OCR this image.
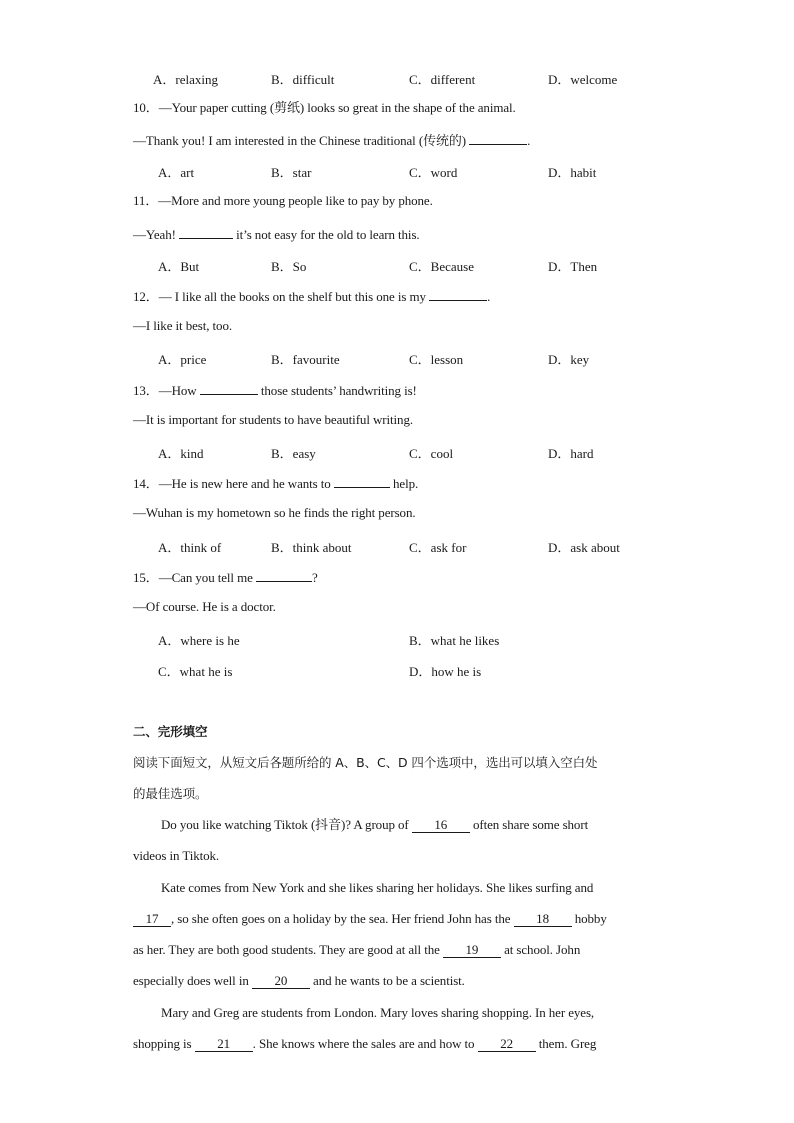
A．relaxing	B．difficult	C．different	D．welcome
10．—Your paper cutting (剪纸) looks so great in the shape of the animal.
—Thank you! I am interested in the Chinese traditional (传统的)	.
A．art	B．star	C．word	D．habit
11．—More and more young people like to pay by phone.
—Yeah!	it’s not easy for the old to learn this.
A．But	B．So	C．Because	D．Then
12．— I like all the books on the shelf but this one is my	.
—I like it best, too.
A．price	B．favourite	C．lesson	D．key
13．—How	those students’ handwriting is!
—It is important for students to have beautiful writing.
A．kind	B．easy	C．cool	D．hard
14．—He is new here and he wants to	help.
—Wuhan is my hometown so he finds the right person.
A．think of	B．think about	C．ask for	D．ask about
15．—Can you tell me	?
—Of course. He is a doctor.
A．where is he	B．what he likes
C．what he is	D．how he is
二、完形填空
阅读下面短文，从短文后各题所给的 A、B、C、D 四个选项中，选出可以填入空白处
的最佳选项。
Do you like watching Tiktok (抖音)? A group of 16 often share some short
videos in Tiktok.
Kate comes from New York and she likes sharing her holidays. She likes surfing and
17 , so she often goes on a holiday by the sea. Her friend John has the 18 hobby
as her. They are both good students. They are good at all the 19 at school. John
especially does well in 20 and he wants to be a scientist.
Mary and Greg are students from London. Mary loves sharing shopping. In her eyes,
shopping is 21 . She knows where the sales are and how to 22 them. Greg
